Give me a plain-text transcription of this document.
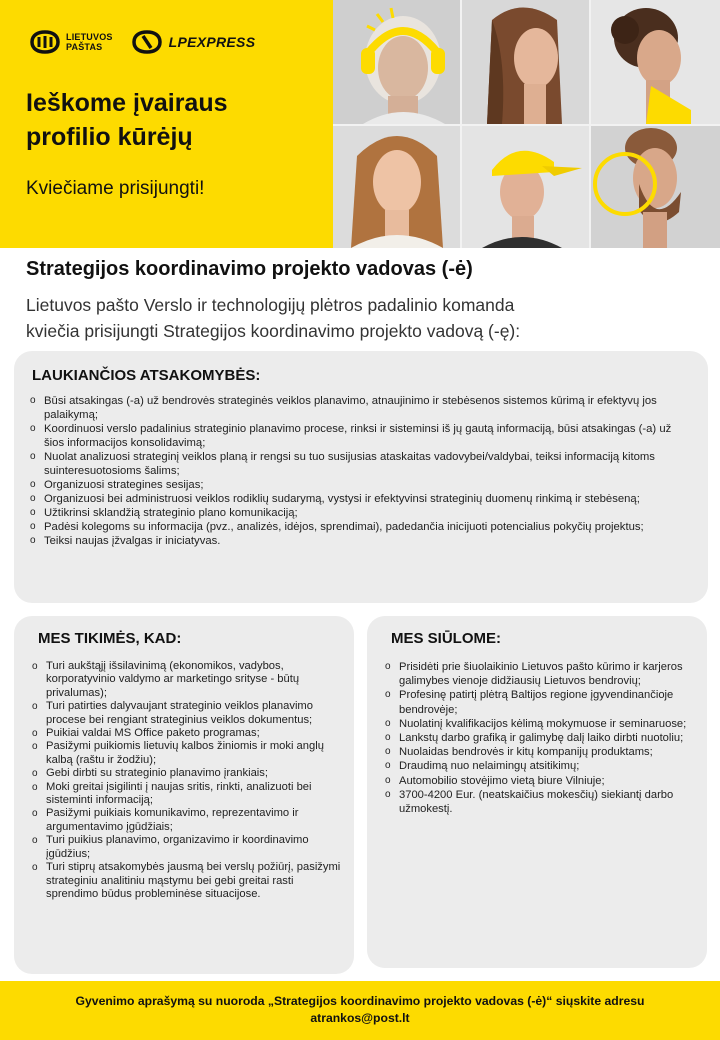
LIETUVOS
PAŠTAS	LPEXPRESS
Ieškome įvairaus
profilio kūrėjų
Kviečiame prisijungti!
Strategijos koordinavimo projekto vadovas (-ė)
Lietuvos pašto Verslo ir technologijų plėtros padalinio komanda
kviečia prisijungti Strategijos koordinavimo projekto vadovą (-ę):
LAUKIANČIOS ATSAKOMYBĖS:
o Būsi atsakingas (-a) už bendrovės strateginės veiklos planavimo, atnaujinimo ir stebėsenos sistemos kūrimą ir efektyvų jos palaikymą;
o Koordinuosi verslo padalinius strateginio planavimo procese, rinksi ir sisteminsi iš jų gautą informaciją, būsi atsakingas (-a) už šios informacijos konsolidavimą;
o Nuolat analizuosi strateginį veiklos planą ir rengsi su tuo susijusias ataskaitas vadovybei/valdybai, teiksi informaciją kitoms suinteresuotosioms šalims;
o Organizuosi strategines sesijas;
o Organizuosi bei administruosi veiklos rodiklių sudarymą, vystysi ir efektyvinsi strateginių duomenų rinkimą ir stebėseną;
o Užtikrinsi sklandžią strateginio plano komunikaciją;
o Padėsi kolegoms su informacija (pvz., analizės, idėjos, sprendimai), padedančia inicijuoti potencialius pokyčių projektus;
o Teiksi naujas įžvalgas ir iniciatyvas.
MES TIKIMĖS, KAD:
o Turi aukštąjį išsilavinimą (ekonomikos, vadybos, korporatyvinio valdymo ar marketingo srityse - būtų privalumas);
o Turi patirties dalyvaujant strateginio veiklos planavimo procese bei rengiant strateginius veiklos dokumentus;
o Puikiai valdai MS Office paketo programas;
o Pasižymi puikiomis lietuvių kalbos žiniomis ir moki anglų kalbą (raštu ir žodžiu);
o Gebi dirbti su strateginio planavimo įrankiais;
o Moki greitai įsigilinti į naujas sritis, rinkti, analizuoti bei sisteminti informaciją;
o Pasižymi puikiais komunikavimo, reprezentavimo ir argumentavimo įgūdžiais;
o Turi puikius planavimo, organizavimo ir koordinavimo įgūdžius;
o Turi stiprų atsakomybės jausmą bei verslų požiūrį, pasižymi strateginiu analitiniu mąstymu bei gebi greitai rasti sprendimo būdus probleminėse situacijose.
MES SIŪLOME:
o Prisidėti prie šiuolaikinio Lietuvos pašto kūrimo ir karjeros galimybes vienoje didžiausių Lietuvos bendrovių;
o Profesinę patirtį plėtrą Baltijos regione įgyvendinančioje bendrovėje;
o Nuolatinį kvalifikacijos kėlimą mokymuose ir seminaruose;
o Lankstų darbo grafiką ir galimybę dalį laiko dirbti nuotoliu;
o Nuolaidas bendrovės ir kitų kompanijų produktams;
o Draudimą nuo nelaimingų atsitikimų;
o Automobilio stovėjimo vietą biure Vilniuje;
o 3700-4200 Eur. (neatskaičius mokesčių) siekiantį darbo užmokestį.
Gyvenimo aprašymą su nuoroda „Strategijos koordinavimo projekto vadovas (-ė)“ siųskite adresu
atrankos@post.lt
